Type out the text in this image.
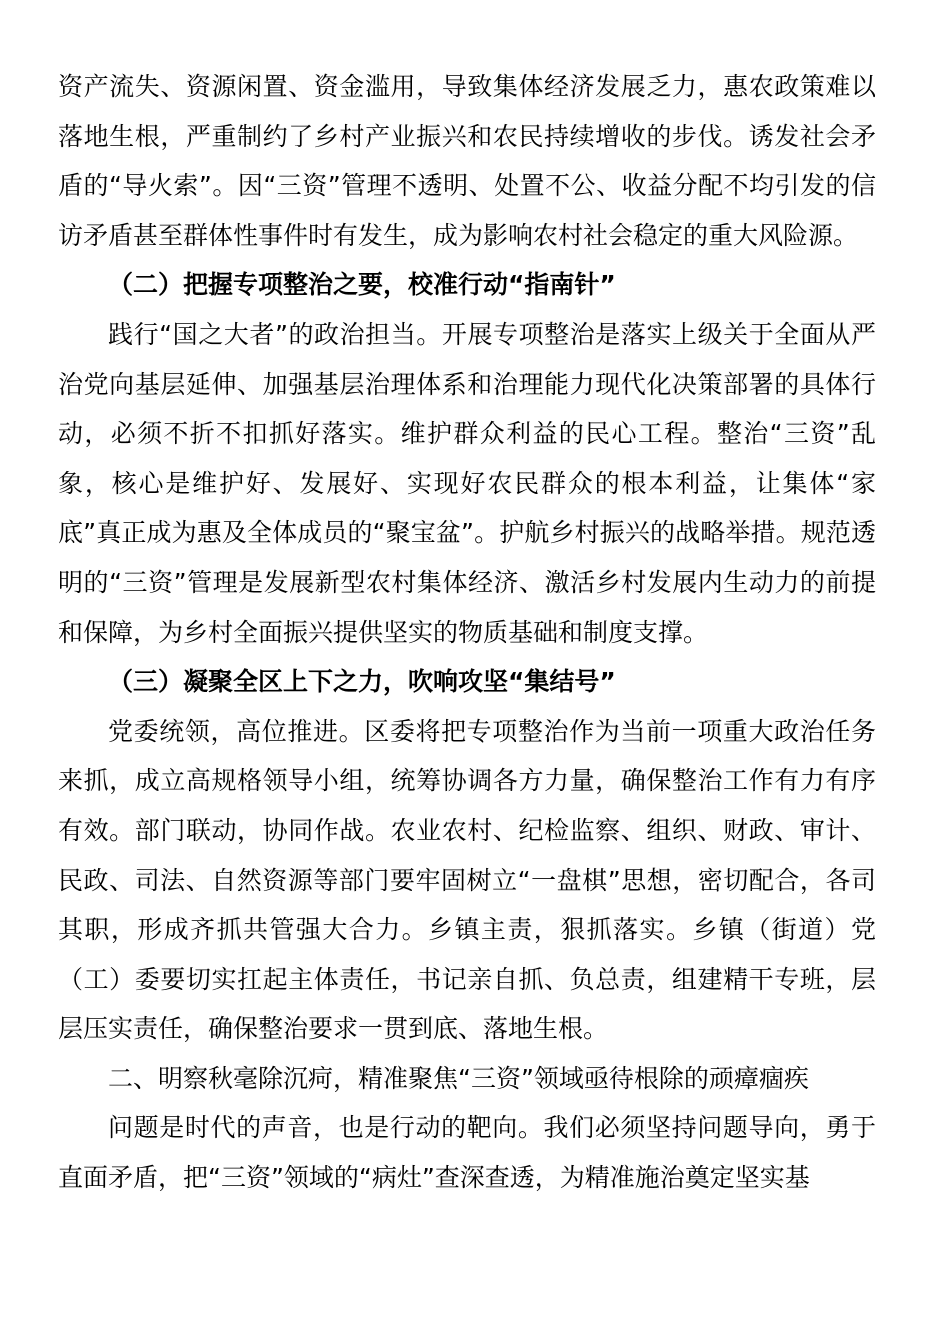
资产流失、资源闲置、资金滥用，导致集体经济发展乏力，惠农政策难以落地生根，严重制约了乡村产业振兴和农民持续增收的步伐。诱发社会矛盾的“导火索”。因“三资”管理不透明、处置不公、收益分配不均引发的信访矛盾甚至群体性事件时有发生，成为影响农村社会稳定的重大风险源。

（二）把握专项整治之要，校准行动“指南针”

践行“国之大者”的政治担当。开展专项整治是落实上级关于全面从严治党向基层延伸、加强基层治理体系和治理能力现代化决策部署的具体行动，必须不折不扣抓好落实。维护群众利益的民心工程。整治“三资”乱象，核心是维护好、发展好、实现好农民群众的根本利益，让集体“家底”真正成为惠及全体成员的“聚宝盆”。护航乡村振兴的战略举措。规范透明的“三资”管理是发展新型农村集体经济、激活乡村发展内生动力的前提和保障，为乡村全面振兴提供坚实的物质基础和制度支撑。

（三）凝聚全区上下之力，吹响攻坚“集结号”

党委统领，高位推进。区委将把专项整治作为当前一项重大政治任务来抓，成立高规格领导小组，统筹协调各方力量，确保整治工作有力有序有效。部门联动，协同作战。农业农村、纪检监察、组织、财政、审计、民政、司法、自然资源等部门要牢固树立“一盘棋”思想，密切配合，各司其职，形成齐抓共管强大合力。乡镇主责，狠抓落实。乡镇（街道）党（工）委要切实扛起主体责任，书记亲自抓、负总责，组建精干专班，层层压实责任，确保整治要求一贯到底、落地生根。

二、明察秋毫除沉疴，精准聚焦“三资”领域亟待根除的顽瘴痼疾

问题是时代的声音，也是行动的靶向。我们必须坚持问题导向，勇于直面矛盾，把“三资”领域的“病灶”查深查透，为精准施治奠定坚实基
